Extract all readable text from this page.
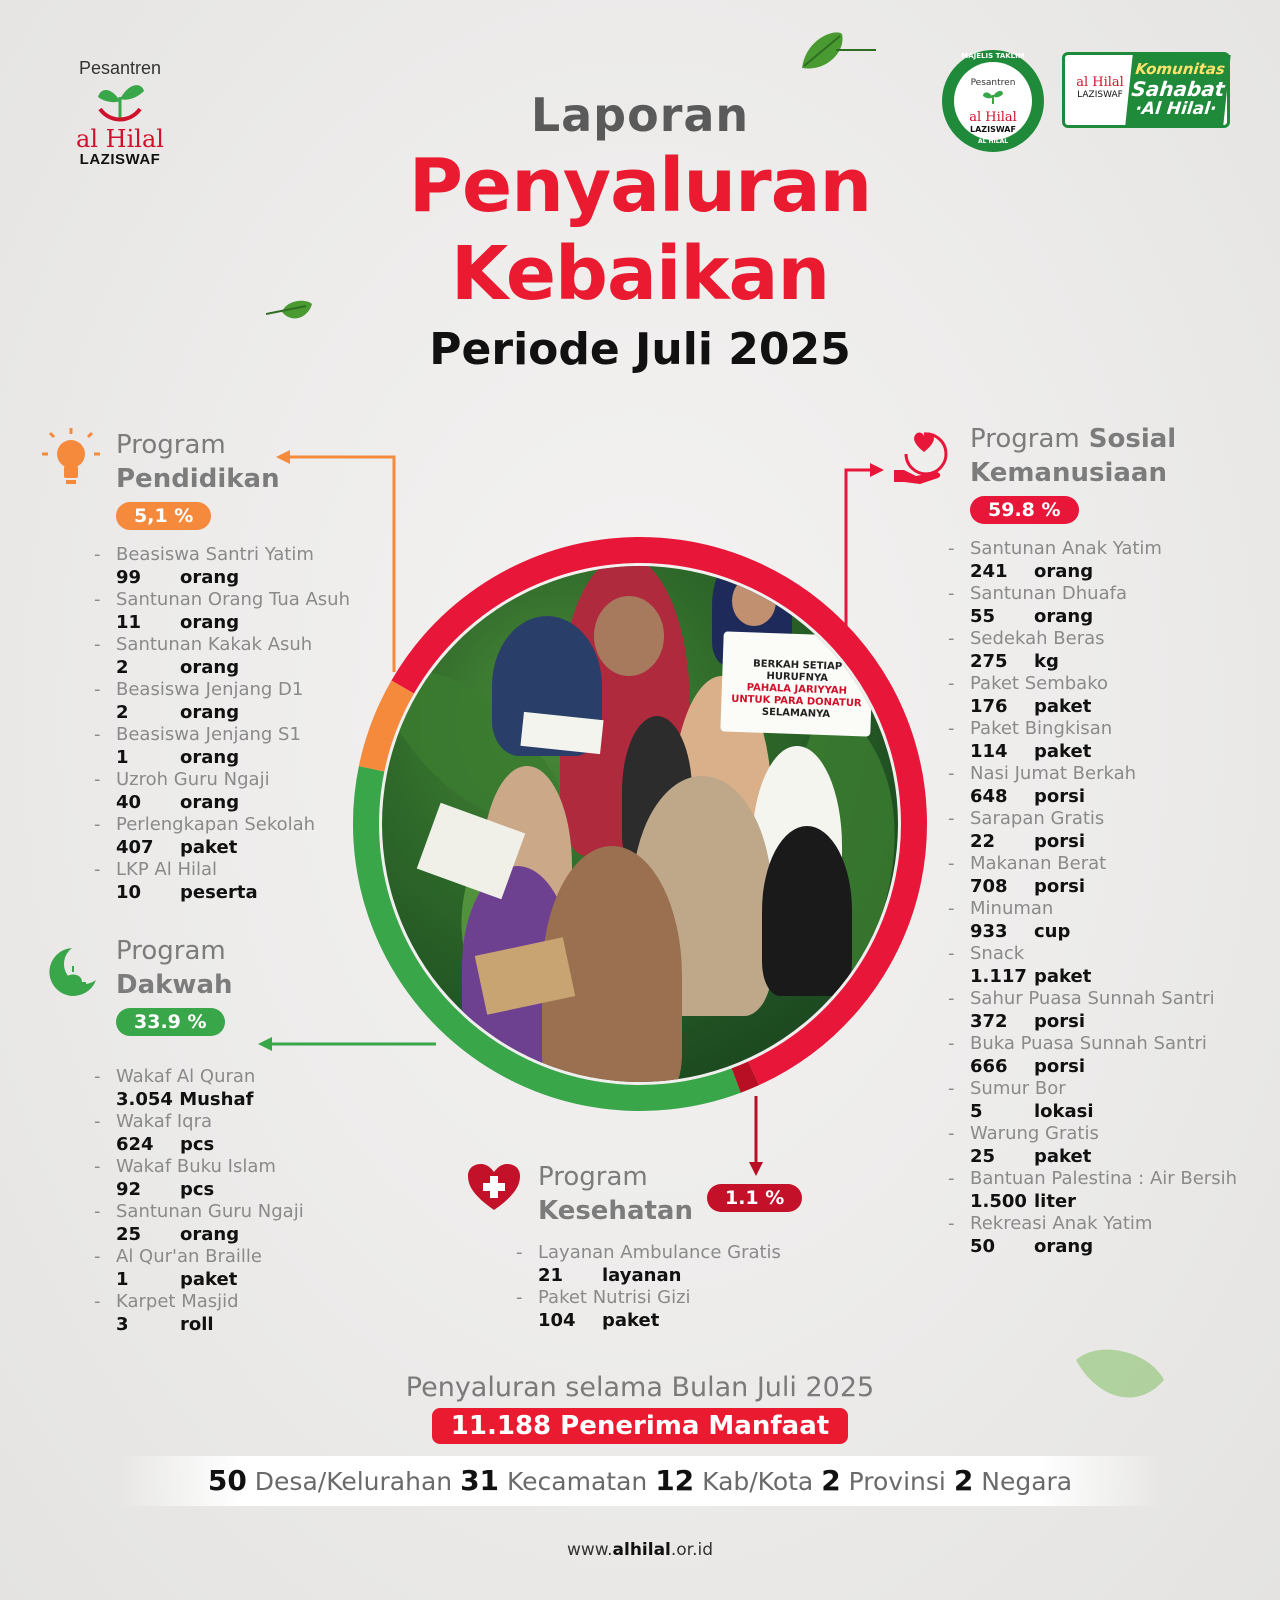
Pesantren
al Hilal
LAZISWAF
MAJELIS TAKLIM
Pesantren
al Hilal
LAZISWAF
AL HILAL
al Hilal
LAZISWAF
Komunitas
Sahabat
·Al Hilal·
Laporan
Penyaluran
Kebaikan
Periode Juli 2025
BERKAH SETIAP
HURUFNYA
PAHALA JARIYYAH
UNTUK PARA DONATUR
SELAMANYA
Program
Pendidikan
5,1 %
- Beasiswa Santri Yatim
99 orang
- Santunan Orang Tua Asuh
11 orang
- Santunan Kakak Asuh
2	orang
- Beasiswa Jenjang D1
2	orang
- Beasiswa Jenjang S1
1	orang
- Uzroh Guru Ngaji
40 orang
- Perlengkapan Sekolah
407 paket
- LKP Al Hilal
10 peserta
Program
Dakwah
33.9 %
- Wakaf Al Quran
3.054 Mushaf
- Wakaf Iqra
624 pcs
- Wakaf Buku Islam
92 pcs
- Santunan Guru Ngaji
25 orang
- Al Qur'an Braille
1	paket
- Karpet Masjid
3	roll
Program
Kesehatan	1.1 %
- Layanan Ambulance Gratis
21 layanan
- Paket Nutrisi Gizi
104 paket
Program Sosial
Kemanusiaan
59.8 %
- Santunan Anak Yatim
241 orang
- Santunan Dhuafa
55 orang
- Sedekah Beras
275 kg
- Paket Sembako
176 paket
- Paket Bingkisan
114 paket
- Nasi Jumat Berkah
648 porsi
- Sarapan Gratis
22 porsi
- Makanan Berat
708 porsi
- Minuman
933 cup
- Snack
1.117 paket
- Sahur Puasa Sunnah Santri
372 porsi
- Buka Puasa Sunnah Santri
666 porsi
- Sumur Bor
5	lokasi
- Warung Gratis
25 paket
- Bantuan Palestina : Air Bersih
1.500 liter
- Rekreasi Anak Yatim
50 orang
Penyaluran selama Bulan Juli 2025
11.188 Penerima Manfaat
50 Desa/Kelurahan 31 Kecamatan 12 Kab/Kota 2 Provinsi 2 Negara
www.alhilal.or.id
